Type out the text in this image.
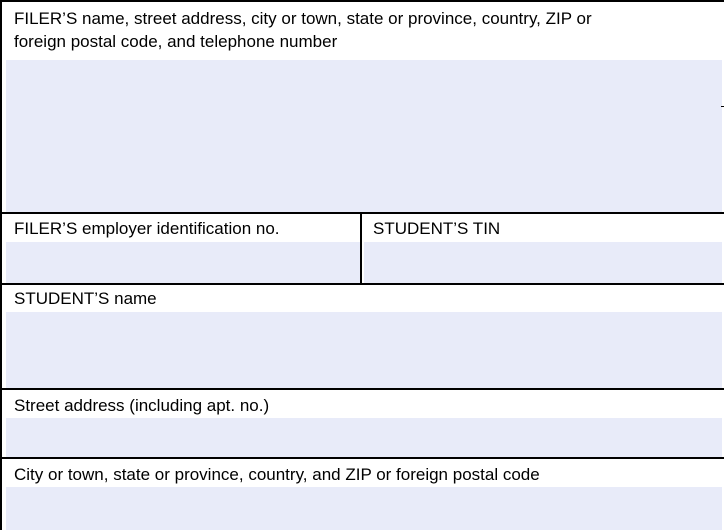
FILER’S name, street address, city or town, state or province, country, ZIP or
foreign postal code, and telephone number
FILER’S employer identification no.	STUDENT’S TIN
STUDENT’S name
Street address (including apt. no.)
City or town, state or province, country, and ZIP or foreign postal code
